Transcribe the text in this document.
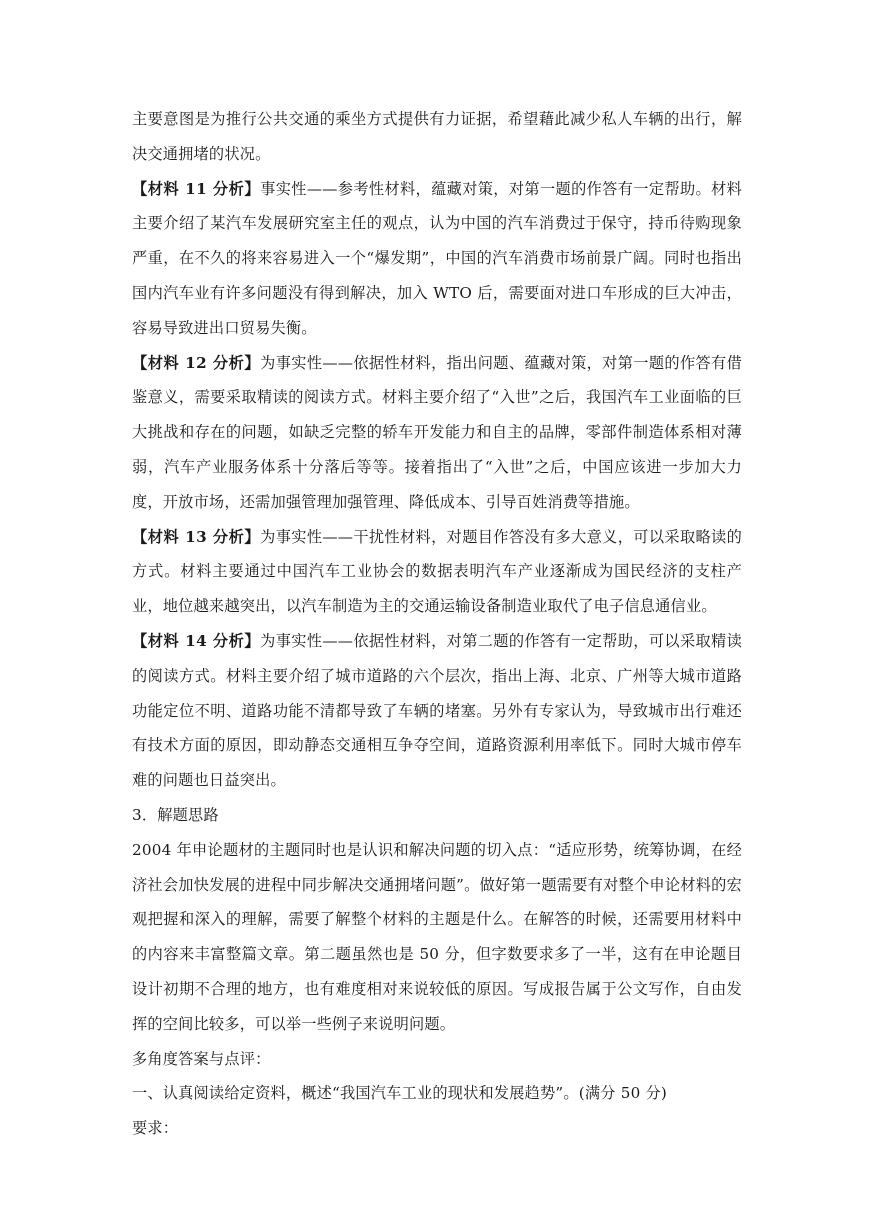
主要意图是为推行公共交通的乘坐方式提供有力证据，希望藉此减少私人车辆的出行，解决交通拥堵的状况。

【材料 11 分析】事实性——参考性材料，蕴藏对策，对第一题的作答有一定帮助。材料主要介绍了某汽车发展研究室主任的观点，认为中国的汽车消费过于保守，持币待购现象严重，在不久的将来容易进入一个“爆发期”，中国的汽车消费市场前景广阔。同时也指出国内汽车业有许多问题没有得到解决，加入 WTO 后，需要面对进口车形成的巨大冲击，容易导致进出口贸易失衡。

【材料 12 分析】为事实性——依据性材料，指出问题、蕴藏对策，对第一题的作答有借鉴意义，需要采取精读的阅读方式。材料主要介绍了“入世”之后，我国汽车工业面临的巨大挑战和存在的问题，如缺乏完整的轿车开发能力和自主的品牌，零部件制造体系相对薄弱，汽车产业服务体系十分落后等等。接着指出了“入世”之后，中国应该进一步加大力度，开放市场，还需加强管理加强管理、降低成本、引导百姓消费等措施。

【材料 13 分析】为事实性——干扰性材料，对题目作答没有多大意义，可以采取略读的方式。材料主要通过中国汽车工业协会的数据表明汽车产业逐渐成为国民经济的支柱产业，地位越来越突出，以汽车制造为主的交通运输设备制造业取代了电子信息通信业。

【材料 14 分析】为事实性——依据性材料，对第二题的作答有一定帮助，可以采取精读的阅读方式。材料主要介绍了城市道路的六个层次，指出上海、北京、广州等大城市道路功能定位不明、道路功能不清都导致了车辆的堵塞。另外有专家认为，导致城市出行难还有技术方面的原因，即动静态交通相互争夺空间，道路资源利用率低下。同时大城市停车难的问题也日益突出。

3．解题思路

2004 年申论题材的主题同时也是认识和解决问题的切入点：“适应形势，统筹协调，在经济社会加快发展的进程中同步解决交通拥堵问题”。做好第一题需要有对整个申论材料的宏观把握和深入的理解，需要了解整个材料的主题是什么。在解答的时候，还需要用材料中的内容来丰富整篇文章。第二题虽然也是 50 分，但字数要求多了一半，这有在申论题目设计初期不合理的地方，也有难度相对来说较低的原因。写成报告属于公文写作，自由发挥的空间比较多，可以举一些例子来说明问题。

多角度答案与点评：

一、认真阅读给定资料，概述“我国汽车工业的现状和发展趋势”。(满分 50 分)

要求：
